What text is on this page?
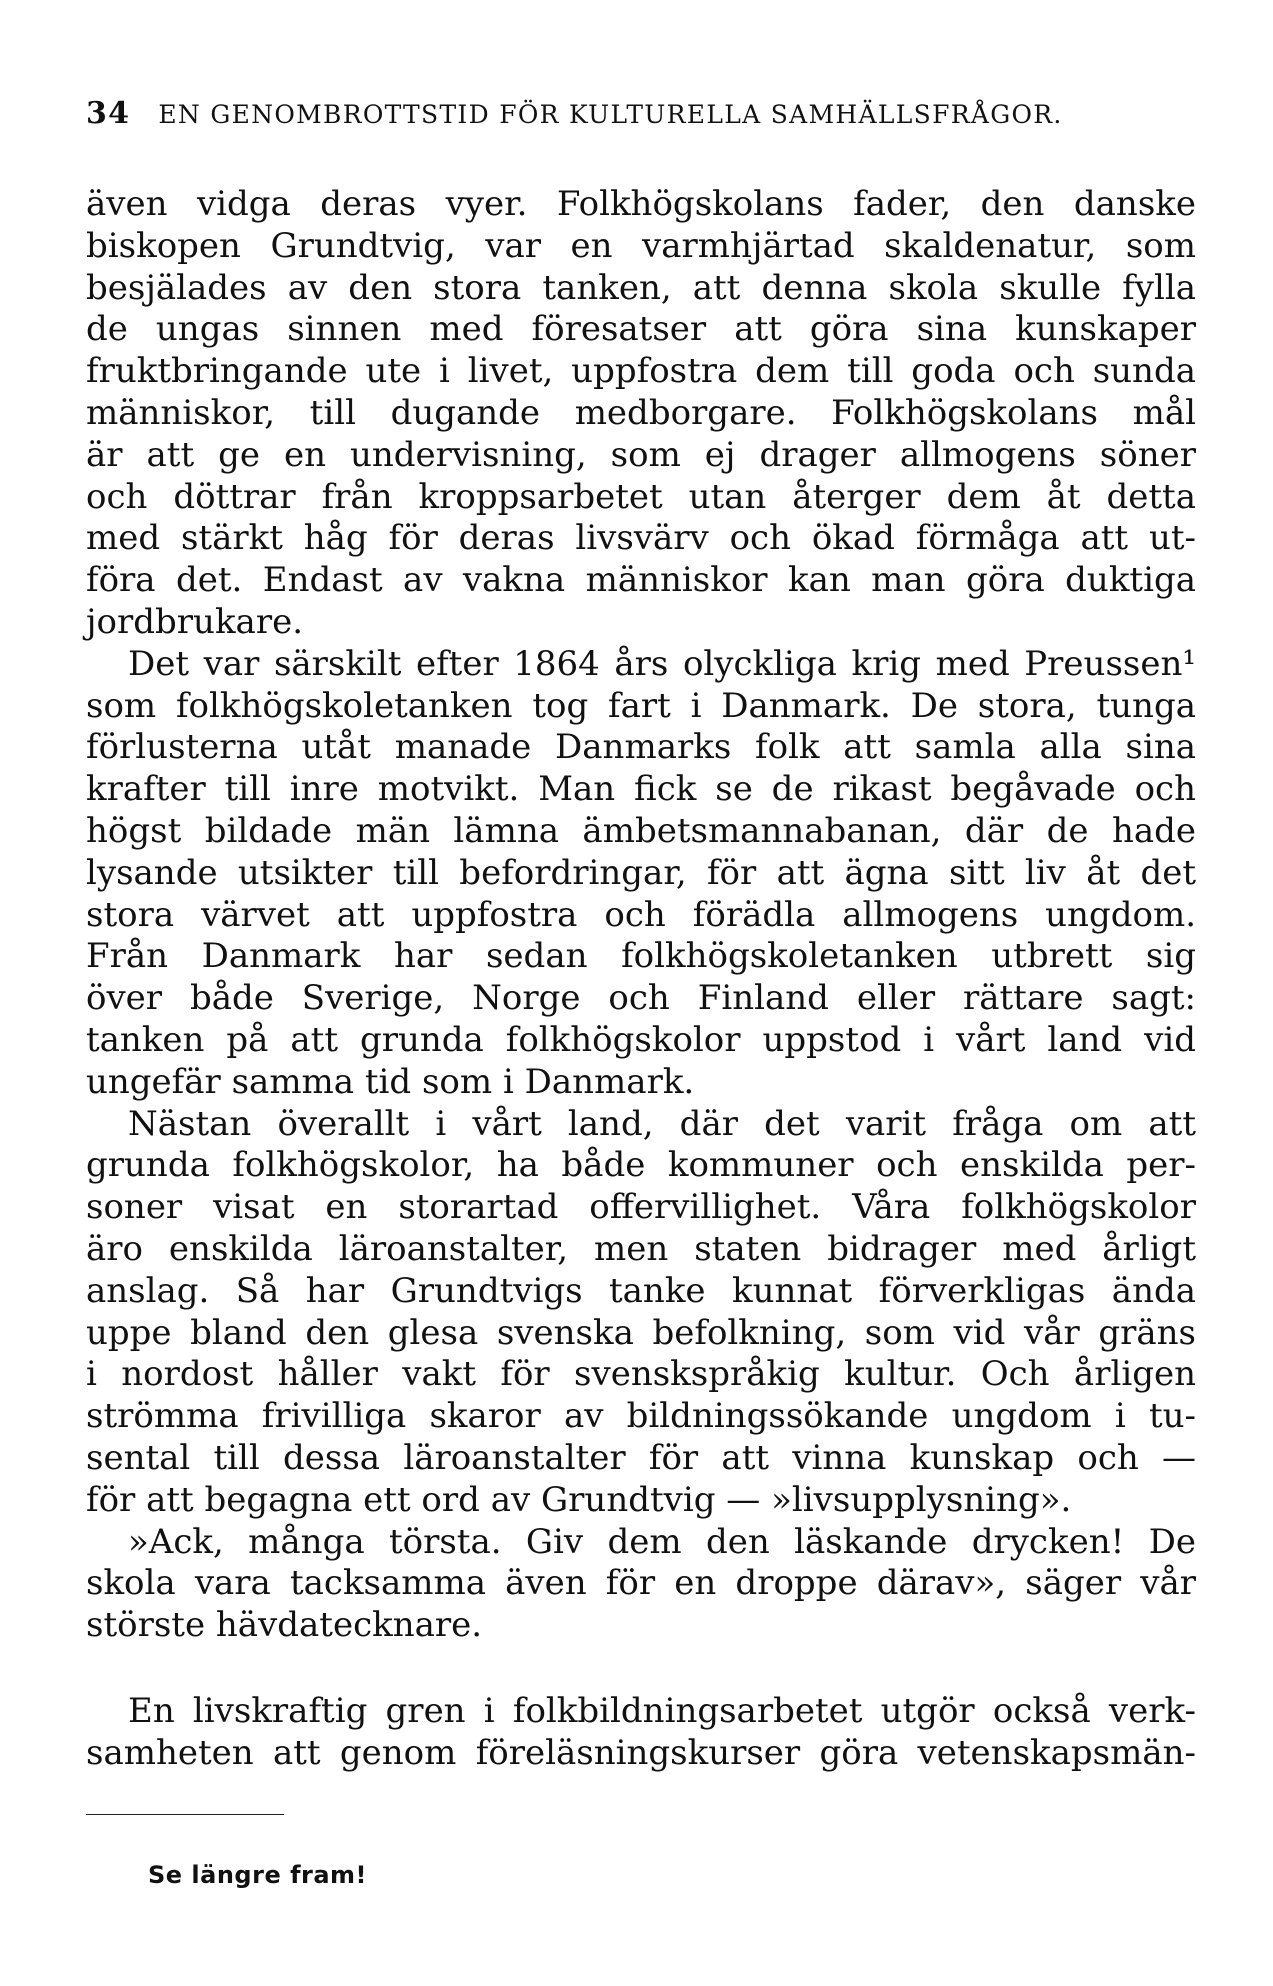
34 EN GENOMBROTTSTID FÖR KULTURELLA SAMHÄLLSFRÅGOR.
även vidga deras vyer. Folkhögskolans fader, den danske
biskopen Grundtvig, var en varmhjärtad skaldenatur, som
besjälades av den stora tanken, att denna skola skulle fylla
de ungas sinnen med föresatser att göra sina kunskaper
fruktbringande ute i livet, uppfostra dem till goda och sunda
människor, till dugande medborgare. Folkhögskolans mål
är att ge en undervisning, som ej drager allmogens söner
och döttrar från kroppsarbetet utan återger dem åt detta
med stärkt håg för deras livsvärv och ökad förmåga att ut-
föra det. Endast av vakna människor kan man göra duktiga
jordbrukare.
Det var särskilt efter 1864 års olyckliga krig med Preussen¹
som folkhögskoletanken tog fart i Danmark. De stora, tunga
förlusterna utåt manade Danmarks folk att samla alla sina
krafter till inre motvikt. Man fick se de rikast begåvade och
högst bildade män lämna ämbetsmannabanan, där de hade
lysande utsikter till befordringar, för att ägna sitt liv åt det
stora värvet att uppfostra och förädla allmogens ungdom.
Från Danmark har sedan folkhögskoletanken utbrett sig
över både Sverige, Norge och Finland eller rättare sagt:
tanken på att grunda folkhögskolor uppstod i vårt land vid
ungefär samma tid som i Danmark.
Nästan överallt i vårt land, där det varit fråga om att
grunda folkhögskolor, ha både kommuner och enskilda per-
soner visat en storartad offervillighet. Våra folkhögskolor
äro enskilda läroanstalter, men staten bidrager med årligt
anslag. Så har Grundtvigs tanke kunnat förverkligas ända
uppe bland den glesa svenska befolkning, som vid vår gräns
i nordost håller vakt för svenskspråkig kultur. Och årligen
strömma frivilliga skaror av bildningssökande ungdom i tu-
sental till dessa läroanstalter för att vinna kunskap och —
för att begagna ett ord av Grundtvig — »livsupplysning».
»Ack, många törsta. Giv dem den läskande drycken! De
skola vara tacksamma även för en droppe därav», säger vår
störste hävdatecknare.
En livskraftig gren i folkbildningsarbetet utgör också verk-
samheten att genom föreläsningskurser göra vetenskapsmän-
Se längre fram!
